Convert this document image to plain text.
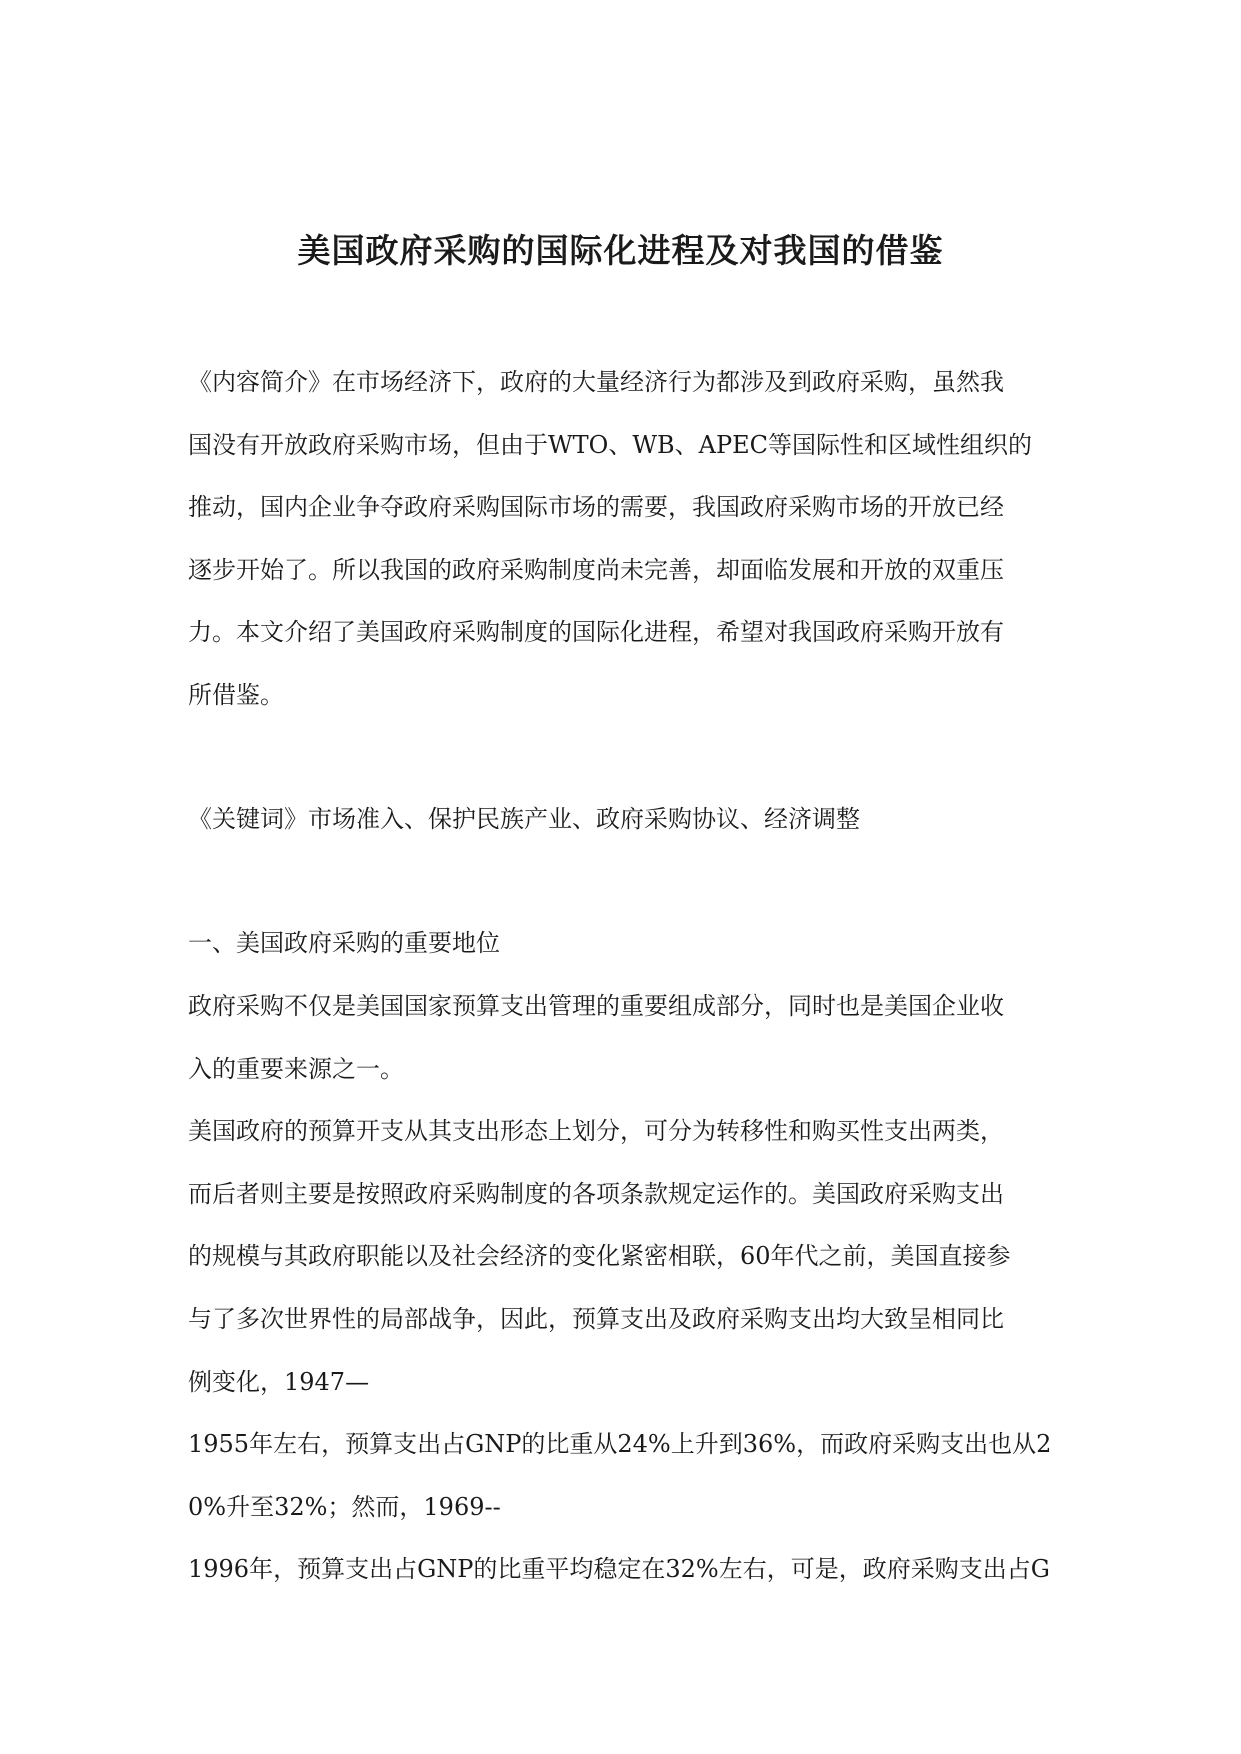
美国政府采购的国际化进程及对我国的借鉴
《内容简介》在市场经济下，政府的大量经济行为都涉及到政府采购，虽然我
国没有开放政府采购市场，但由于WTO、WB、APEC等国际性和区域性组织的
推动，国内企业争夺政府采购国际市场的需要，我国政府采购市场的开放已经
逐步开始了。所以我国的政府采购制度尚未完善，却面临发展和开放的双重压
力。本文介绍了美国政府采购制度的国际化进程，希望对我国政府采购开放有
所借鉴。

《关键词》市场准入、保护民族产业、政府采购协议、经济调整

一、美国政府采购的重要地位

政府采购不仅是美国国家预算支出管理的重要组成部分，同时也是美国企业收
入的重要来源之一。
美国政府的预算开支从其支出形态上划分，可分为转移性和购买性支出两类，
而后者则主要是按照政府采购制度的各项条款规定运作的。美国政府采购支出
的规模与其政府职能以及社会经济的变化紧密相联，60年代之前，美国直接参
与了多次世界性的局部战争，因此，预算支出及政府采购支出均大致呈相同比
例变化，1947—
1955年左右，预算支出占GNP的比重从24%上升到36%，而政府采购支出也从2
0%升至32%；然而，1969--
1996年，预算支出占GNP的比重平均稳定在32%左右，可是，政府采购支出占G
